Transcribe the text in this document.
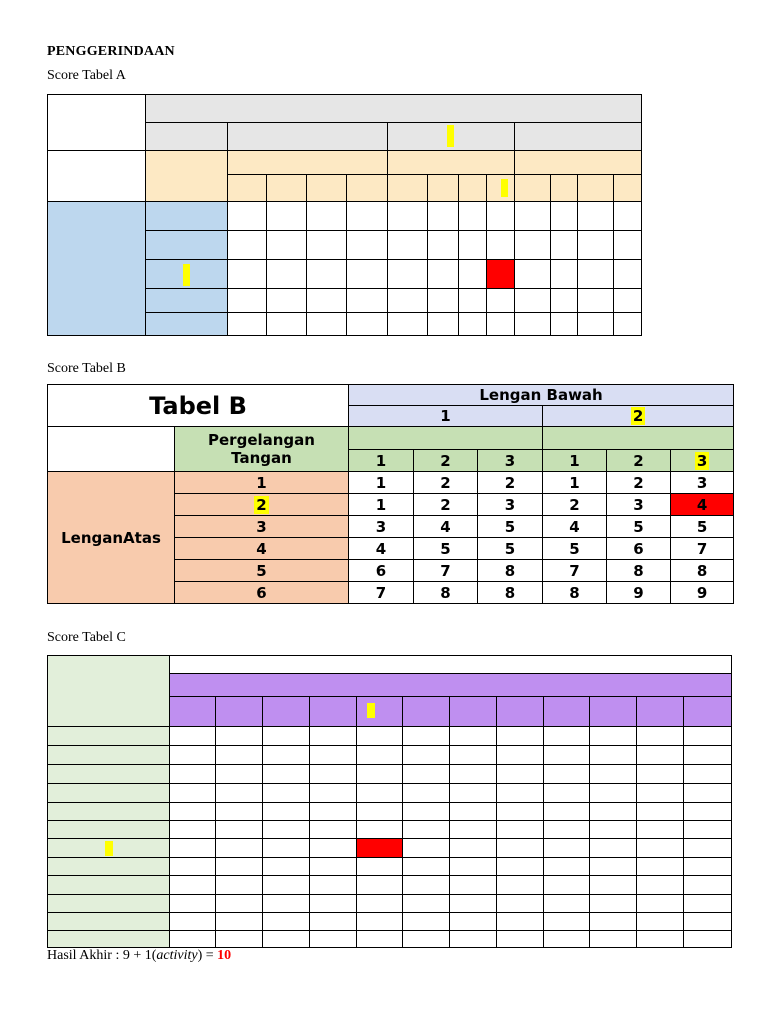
PENGGERINDAAN
Score Tabel A

Score Tabel B
Tabel B		Lengan Bawah					
		1			2		

	Pergelangan
Tangan						

		1	2	3	1	2	3
LenganAtas	1	1	2	2	1	2	3
	2	1	2	3	2	3	4
	3	3	4	5	4	5	5
	4	4	5	5	5	6	7
	5	6	7	8	7	8	8
	6	7	8	8	8	9	9
Score Tabel C

Hasil Akhir : 9 + 1(activity) = 10
